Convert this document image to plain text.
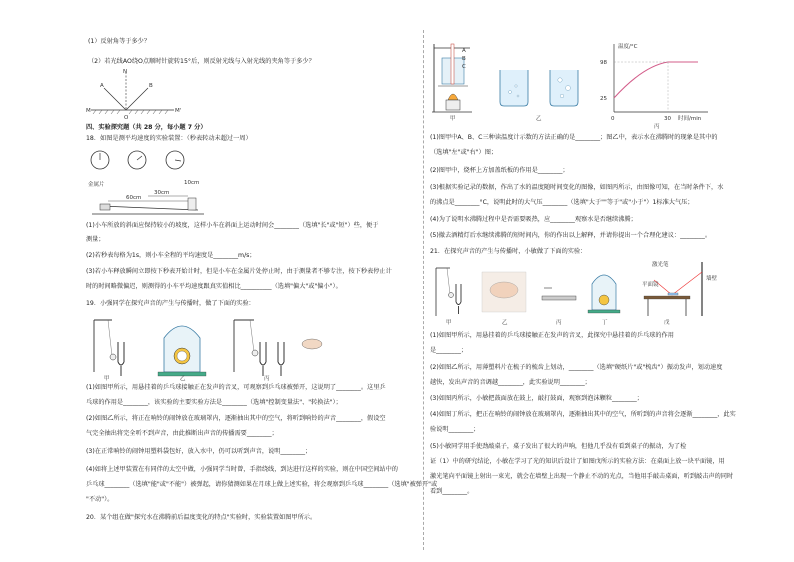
(1）反射角等于多少？
（2）若光线AO绕O点顺时针旋转15°后，则反射光线与入射光线的夹角等于多少？
N
A	B
M	M'
O
四、实验探究题（共 28 分，每小题 7 分）
18．如图是测平均速度的实验装置：（秒表转动未超过一周）
金属片
60cm
30cm
10cm
(1)小车所放的斜面应保持较小的坡度，这样小车在斜面上运动时间会________（选填"长"或"短"）些，便于
测量；
(2)若秒表每格为1s，则小车全程的平均速度是________m/s；
(3)若小车释放瞬间立即按下秒表开始计时，但是小车在金属片处停止时，由于测量者不够专注，按下秒表停止计
时的时间略微偏迟，则测得的小车平均速度跟真实值相比__________（选填"偏大"或"偏小"）。
19．小强同学在探究声音的产生与传播时，做了下面的实验：
甲	乙	丙
(1)如图甲所示，用悬挂着的乒乓球接触正在发声的音叉，可观察到乒乓球被弹开，这说明了________。这里乒
乓球的作用是________，该实验的主要实验方法是________（选填"控制变量法"、"转换法"）；
(2)如图乙所示，将正在响铃的闹钟放在玻璃罩内，逐渐抽出其中的空气，将听到响铃的声音________，假设空
气完全抽出将完全听不到声音，由此推断出声音的传播需要________；
(3)在正常响铃的闹钟用塑料袋包好，放入水中，仍可以听到声音，说明________；
(4)如将上述甲装置在有同伴的太空中做，小强同学当时曾，手指绕线，到达进行这样的实验，则在中国空间站中的
乒乓球________（选填"能"或"不能"）被弹起，请你猜测如果在月球上做上述实验，将会观察到乒乓球________（选填"被弹开"或
"不动"）。
20．某个组在做"探究水在沸腾前后温度变化的特点"实验时，实验装置如图甲所示。
A
B
C
甲	乙
温度/°C
98
25
0	30 时间/min
丙
(1)图甲中A、B、C三种读温度计示数的方法正确的是________；图乙中，表示水在沸腾时的现象是其中的
（选填"左"或"右"）图；
(2)图甲中，烧杯上方加盖纸板的作用是________；
(3)根据实验记录的数据，作出了水的温度随时间变化的图像，如图丙所示，由图像可知，在当时条件下，水
的沸点是________°C，说明此时的大气压________（选填"大于""等于"或"小于"）1标准大气压；
(4)为了说明水沸腾过程中是否需要吸热，应________观察水是否继续沸腾；
(5)撤去酒精灯后水继续沸腾的短时间内，你的作出以上解释，并请你提出一个合理化建议：________。
21．在探究声音的产生与传播时，小敏做了下面的实验：
激光笔
平面镜
墙壁
甲	乙	丙	丁	戊
(1)如图甲所示，用悬挂着的乒乓球接触正在发声的音叉，此探究中悬挂着的乒乓球的作用
是________；
(2)如图乙所示，用薄塑料片在梳子的梳齿上划动，________（选填"硬纸片"或"梳齿"）振动发声，划动速度
越快，发出声音的音调越________，此实验说明________；
(3)如图丙所示，小敏把鼓面放在鼓上，敲打鼓面，观察到泡沫颗粒________；
(4)如图丁所示，把正在响铃的闹钟放在玻璃罩内，逐渐抽出其中的空气，所听到的声音将会逐渐________，此实
验说明________；
(5)小敏同学用手使劲敲桌子，桌子发出了很大的声响，但他几乎没有看到桌子的振动，为了检
证（1）中的研究结论，小敏在学习了光的知识后设计了如图戊所示的实验方法：在桌面上放一块平面镜，用
激光笔向平面镜上射出一束光，就会在墙壁上出现一个静止不动的光点，当他用手敲击桌面，听到敲击声的同时
看到________。
